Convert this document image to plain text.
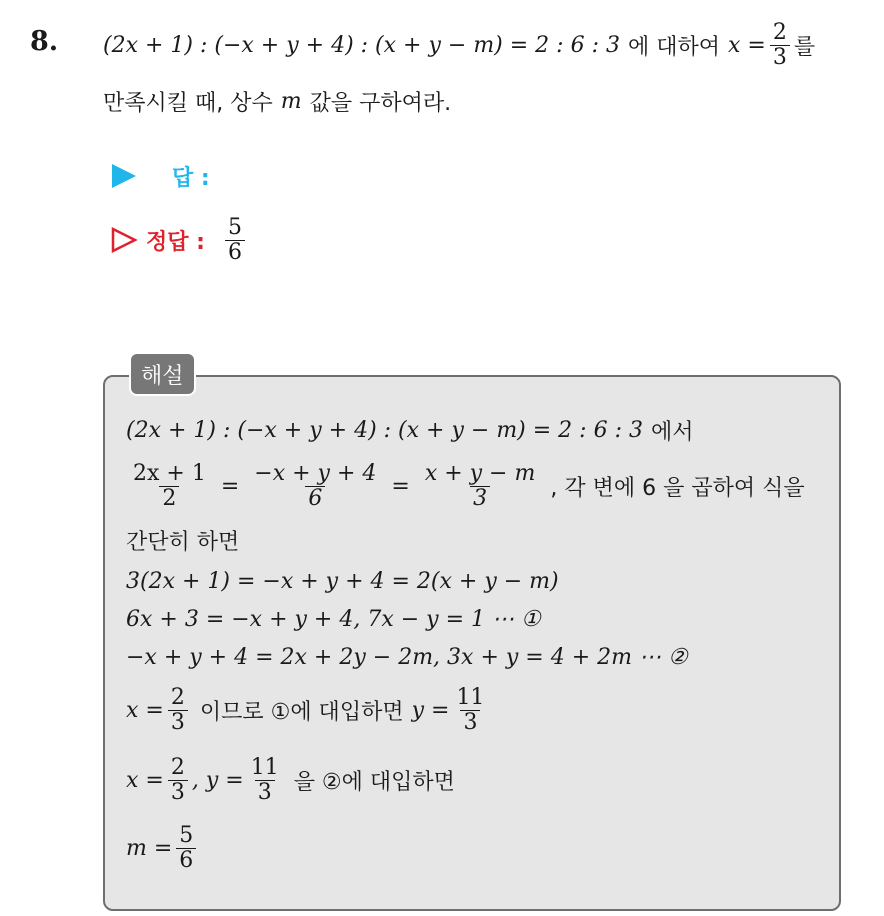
8. (2x + 1) : (−x + y + 4) : (x + y − m) = 2 : 6 : 3 에 대하여 $x = \frac{2}{3}$ 를
만족시킬 때, 상수 m 값을 구하여라.
답 :
정답 : $\frac{5}{6}$
해설
(2x + 1) : (−x + y + 4) : (x + y − m) = 2 : 6 : 3 에서
$\frac{2x + 1}{2} = \frac{-x + y + 4}{6} = \frac{x + y - m}{3}$ , 각 변에 6 을 곱하여 식을
간단히 하면
3(2x + 1) = −x + y + 4 = 2(x + y − m)
6x + 3 = −x + y + 4, 7x − y = 1 ⋯ ①
−x + y + 4 = 2x + 2y − 2m, 3x + y = 4 + 2m ⋯ ②
$x = \frac{2}{3}$ 이므로 ①에 대입하면 $y = \frac{11}{3}$
$x = \frac{2}{3}$ , $y = \frac{11}{3}$ 을 ②에 대입하면
$m = \frac{5}{6}$
